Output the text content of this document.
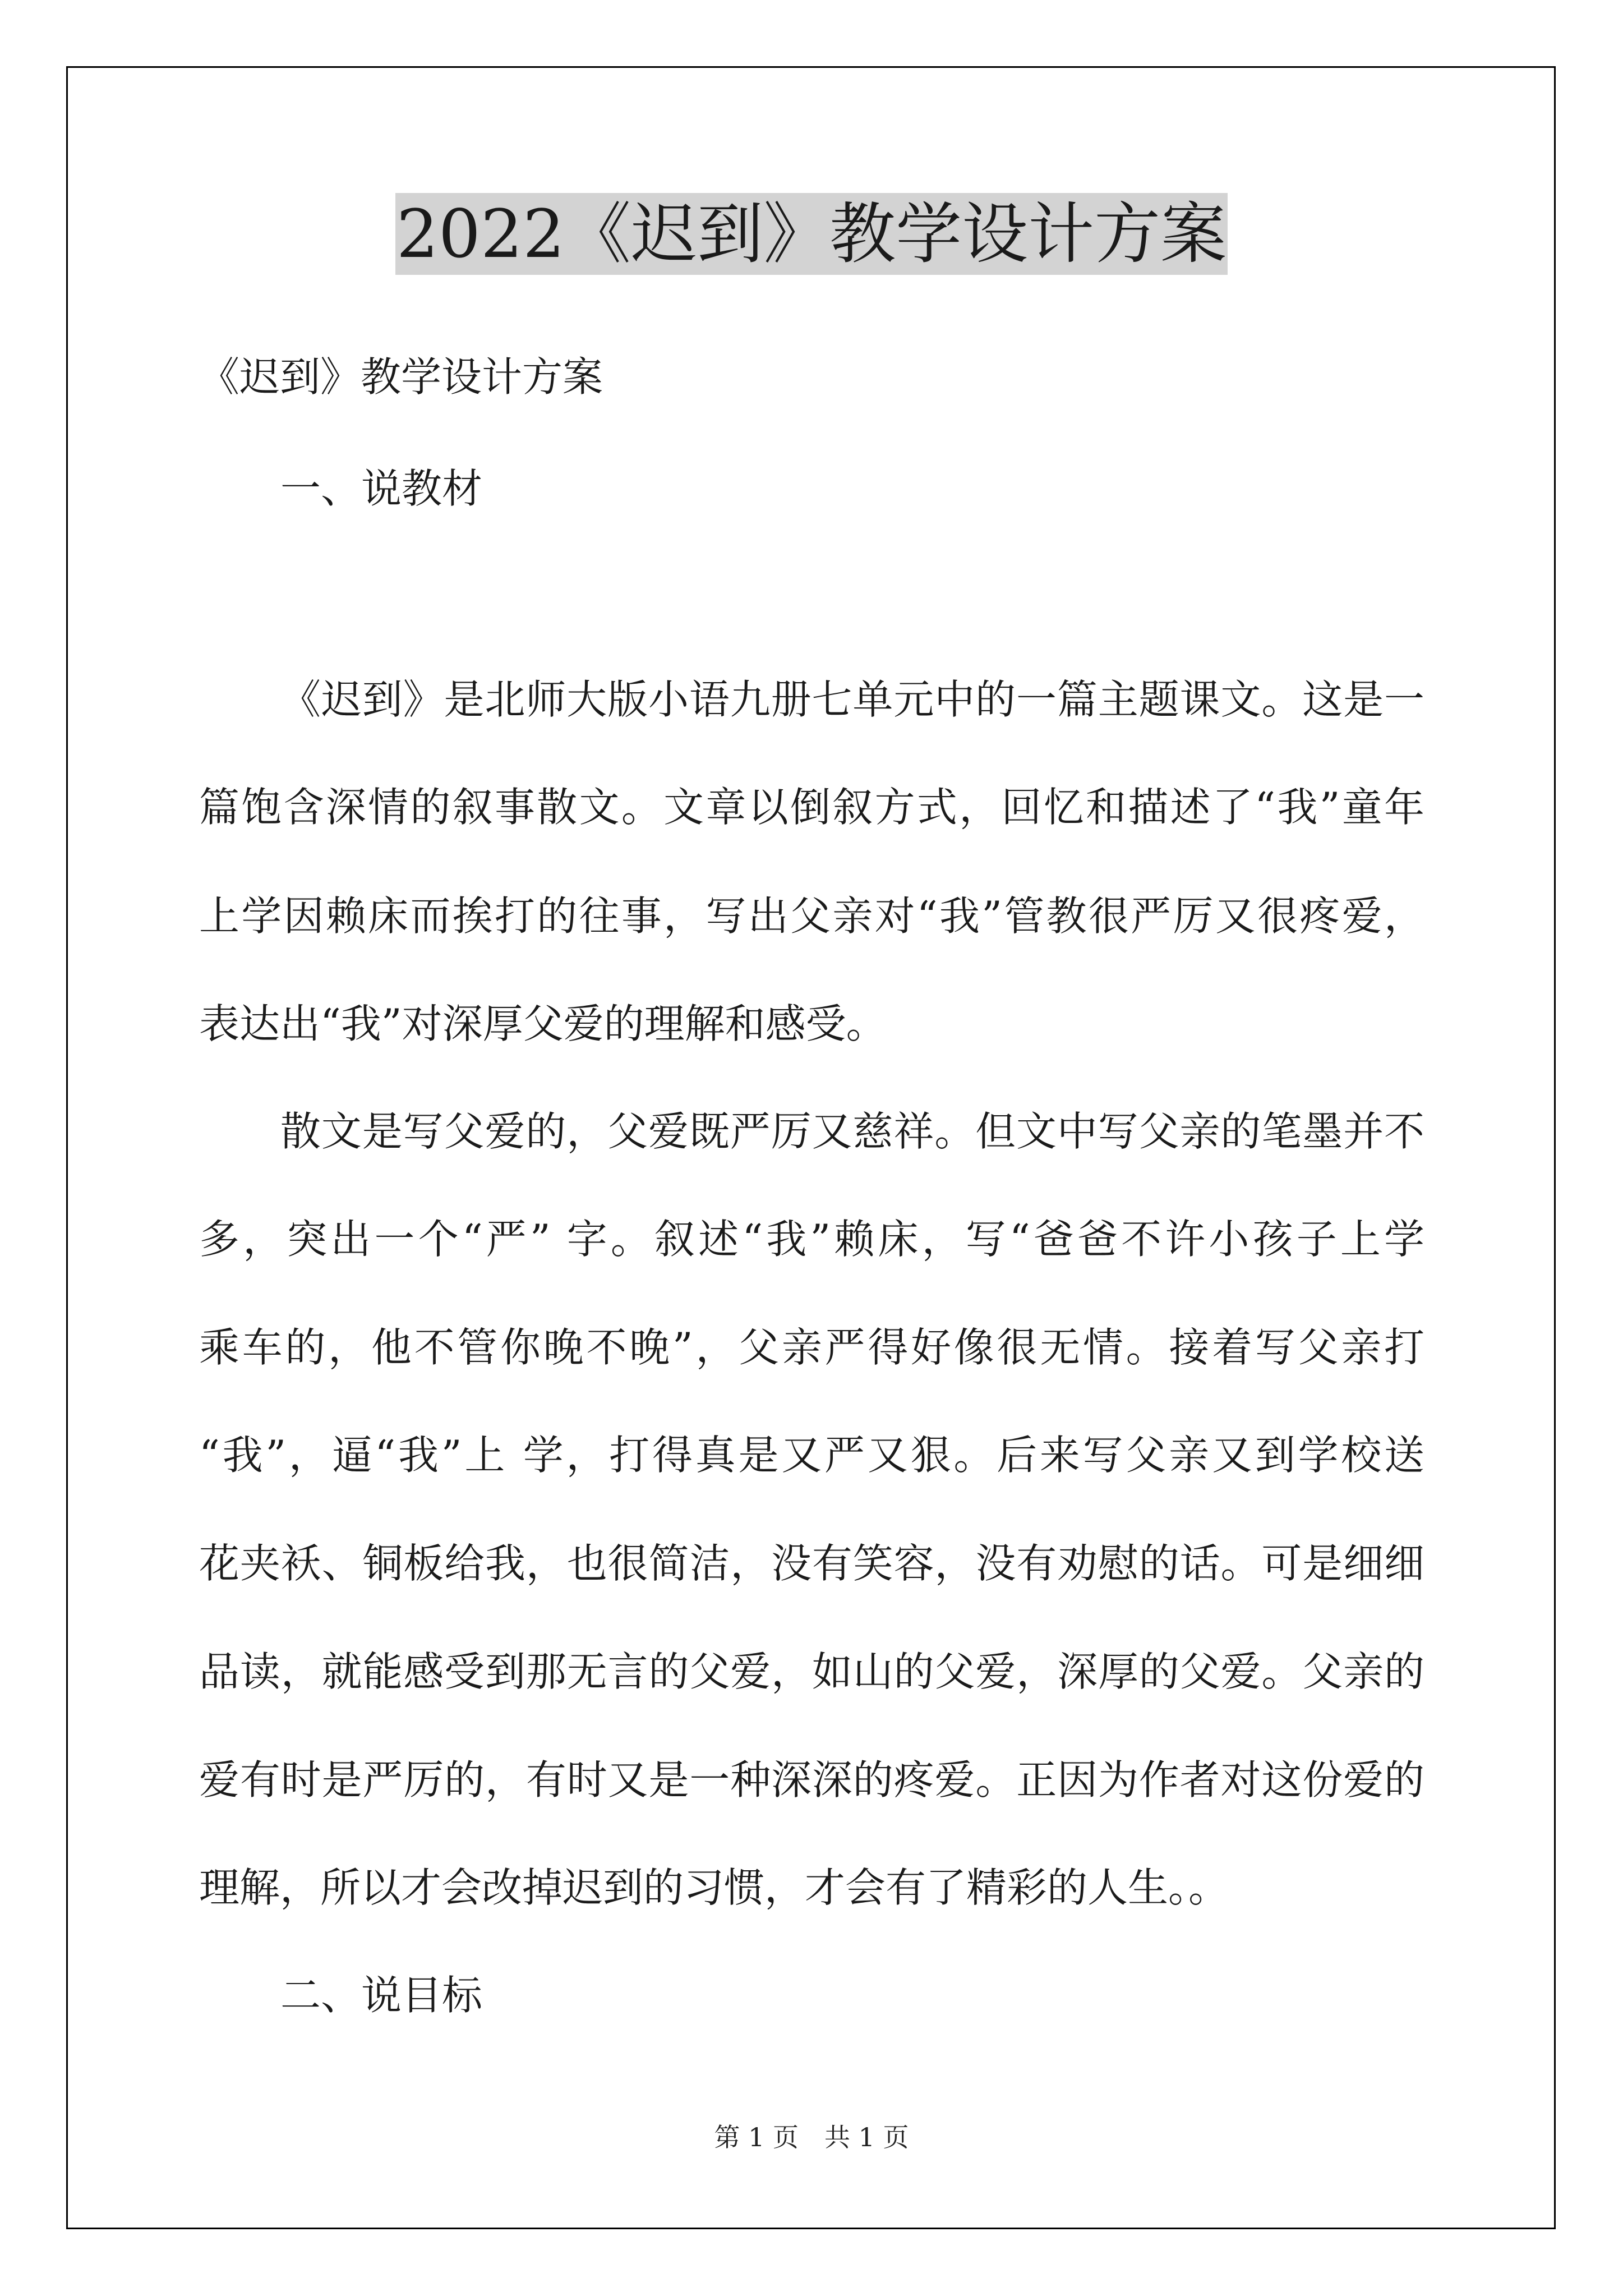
2022《迟到》教学设计方案
《迟到》教学设计方案
一、说教材
《迟到》是北师大版小语九册七单元中的一篇主题课文。这是一
篇饱含深情的叙事散文。文章以倒叙方式，回忆和描述了“我”童年
上学因赖床而挨打的往事，写出父亲对“我”管教很严厉又很疼爱，
表达出“我”对深厚父爱的理解和感受。
散文是写父爱的，父爱既严厉又慈祥。但文中写父亲的笔墨并不
多，突出一个“严” 字。叙述“我”赖床，写“爸爸不许小孩子上学
乘车的，他不管你晚不晚”，父亲严得好像很无情。接着写父亲打
“我”，逼“我”上 学，打得真是又严又狠。后来写父亲又到学校送
花夹袄、铜板给我，也很简洁，没有笑容，没有劝慰的话。可是细细
品读，就能感受到那无言的父爱，如山的父爱，深厚的父爱。父亲的
爱有时是严厉的，有时又是一种深深的疼爱。正因为作者对这份爱的
理解，所以才会改掉迟到的习惯，才会有了精彩的人生。。
二、说目标
第 1 页　共 1 页
